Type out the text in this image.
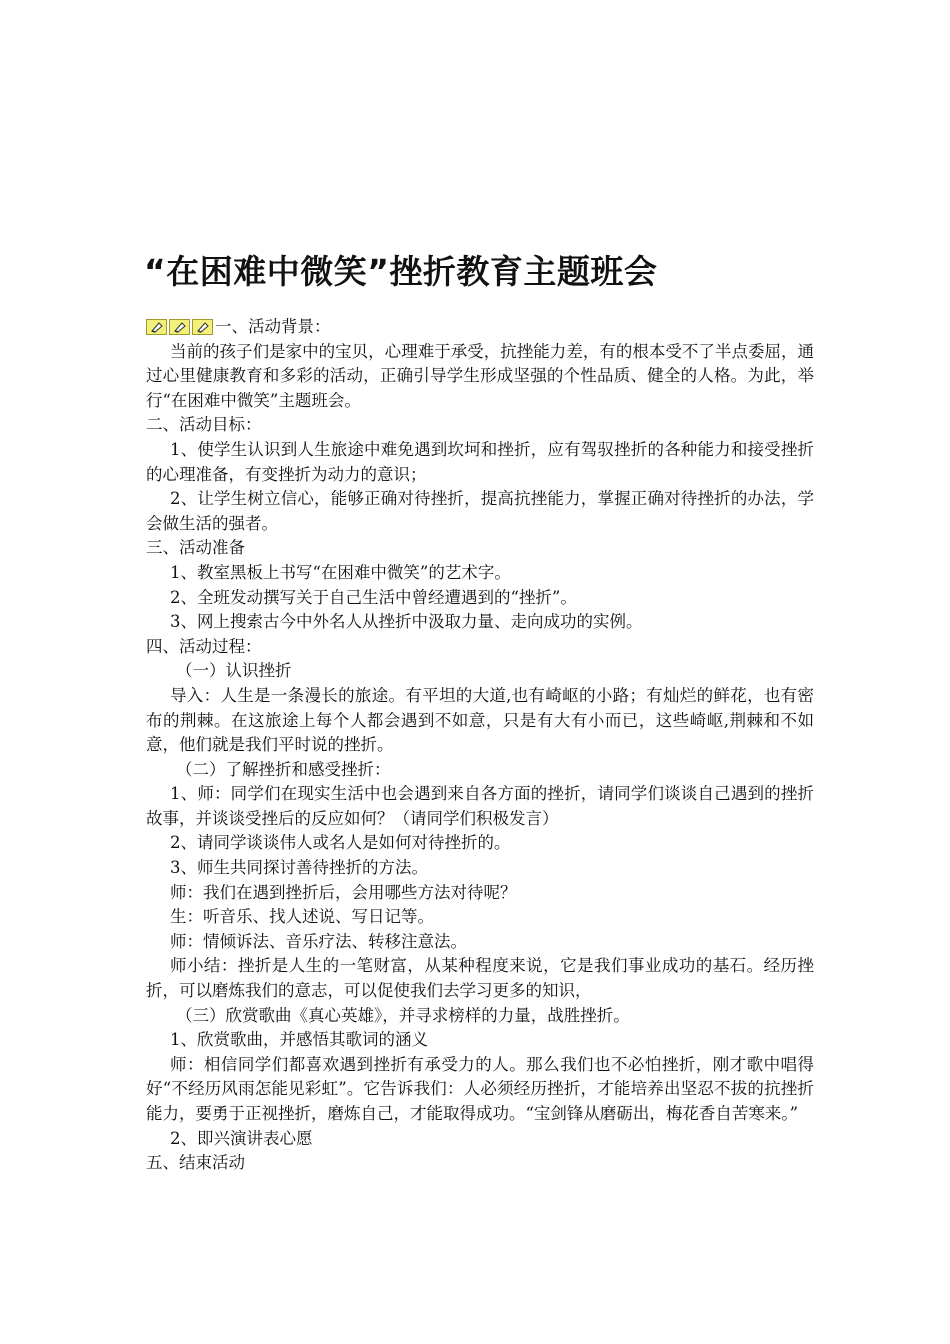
“在困难中微笑”挫折教育主题班会
一、活动背景：

当前的孩子们是家中的宝贝，心理难于承受，抗挫能力差，有的根本受不了半点委屈，通过心里健康教育和多彩的活动，正确引导学生形成坚强的个性品质、健全的人格。为此，举行“在困难中微笑”主题班会。

二、活动目标：

1、使学生认识到人生旅途中难免遇到坎坷和挫折，应有驾驭挫折的各种能力和接受挫折的心理准备，有变挫折为动力的意识；

2、让学生树立信心，能够正确对待挫折，提高抗挫能力，掌握正确对待挫折的办法，学会做生活的强者。

三、活动准备

1、教室黑板上书写“在困难中微笑”的艺术字。

2、全班发动撰写关于自己生活中曾经遭遇到的“挫折”。

3、网上搜索古今中外名人从挫折中汲取力量、走向成功的实例。

四、活动过程：

（一）认识挫折

导入：人生是一条漫长的旅途。有平坦的大道,也有崎岖的小路；有灿烂的鲜花，也有密布的荆棘。在这旅途上每个人都会遇到不如意，只是有大有小而已，这些崎岖,荆棘和不如意，他们就是我们平时说的挫折。

（二）了解挫折和感受挫折：

1、师：同学们在现实生活中也会遇到来自各方面的挫折，请同学们谈谈自己遇到的挫折故事，并谈谈受挫后的反应如何？（请同学们积极发言）

2、请同学谈谈伟人或名人是如何对待挫折的。

3、师生共同探讨善待挫折的方法。

师：我们在遇到挫折后，会用哪些方法对待呢？

生：听音乐、找人述说、写日记等。

师：情倾诉法、音乐疗法、转移注意法。

师小结：挫折是人生的一笔财富，从某种程度来说，它是我们事业成功的基石。经历挫折，可以磨炼我们的意志，可以促使我们去学习更多的知识，

（三）欣赏歌曲《真心英雄》，并寻求榜样的力量，战胜挫折。

1、欣赏歌曲，并感悟其歌词的涵义

师：相信同学们都喜欢遇到挫折有承受力的人。那么我们也不必怕挫折，刚才歌中唱得好“不经历风雨怎能见彩虹”。它告诉我们：人必须经历挫折，才能培养出坚忍不拔的抗挫折能力，要勇于正视挫折，磨炼自己，才能取得成功。“宝剑锋从磨砺出，梅花香自苦寒来。”

2、即兴演讲表心愿

五、结束活动
